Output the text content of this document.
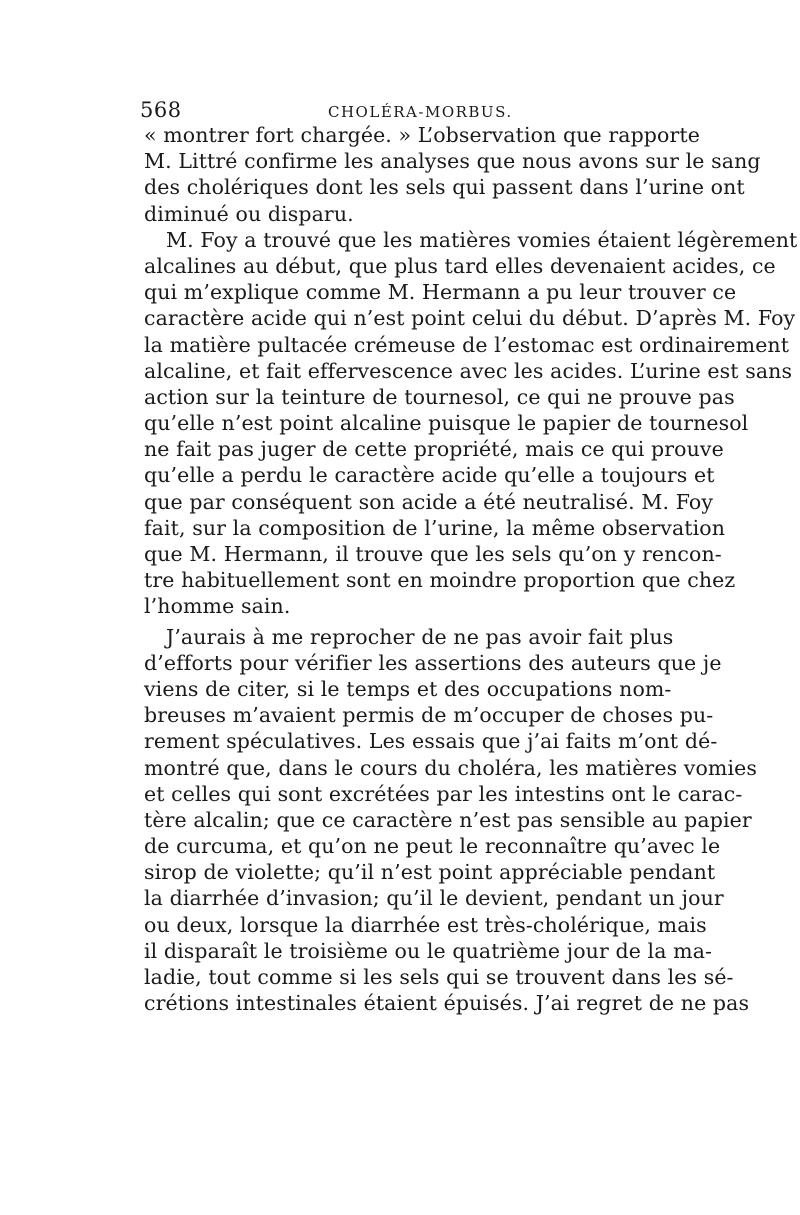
568	CHOLÉRA-MORBUS.
« montrer fort chargée. » L’observation que rapporte
M. Littré confirme les analyses que nous avons sur le sang
des cholériques dont les sels qui passent dans l’urine ont
diminué ou disparu.
M. Foy a trouvé que les matières vomies étaient légèrement
alcalines au début, que plus tard elles devenaient acides, ce
qui m’explique comme M. Hermann a pu leur trouver ce
caractère acide qui n’est point celui du début. D’après M. Foy
la matière pultacée crémeuse de l’estomac est ordinairement
alcaline, et fait effervescence avec les acides. L’urine est sans
action sur la teinture de tournesol, ce qui ne prouve pas
qu’elle n’est point alcaline puisque le papier de tournesol
ne fait pas juger de cette propriété, mais ce qui prouve
qu’elle a perdu le caractère acide qu’elle a toujours et
que par conséquent son acide a été neutralisé. M. Foy
fait, sur la composition de l’urine, la même observation
que M. Hermann, il trouve que les sels qu’on y rencon-
tre habituellement sont en moindre proportion que chez
l’homme sain.
J’aurais à me reprocher de ne pas avoir fait plus
d’efforts pour vérifier les assertions des auteurs que je
viens de citer, si le temps et des occupations nom-
breuses m’avaient permis de m’occuper de choses pu-
rement spéculatives. Les essais que j’ai faits m’ont dé-
montré que, dans le cours du choléra, les matières vomies
et celles qui sont excrétées par les intestins ont le carac-
tère alcalin; que ce caractère n’est pas sensible au papier
de curcuma, et qu’on ne peut le reconnaître qu’avec le
sirop de violette; qu’il n’est point appréciable pendant
la diarrhée d’invasion; qu’il le devient, pendant un jour
ou deux, lorsque la diarrhée est très-cholérique, mais
il disparaît le troisième ou le quatrième jour de la ma-
ladie, tout comme si les sels qui se trouvent dans les sé-
crétions intestinales étaient épuisés. J’ai regret de ne pas
